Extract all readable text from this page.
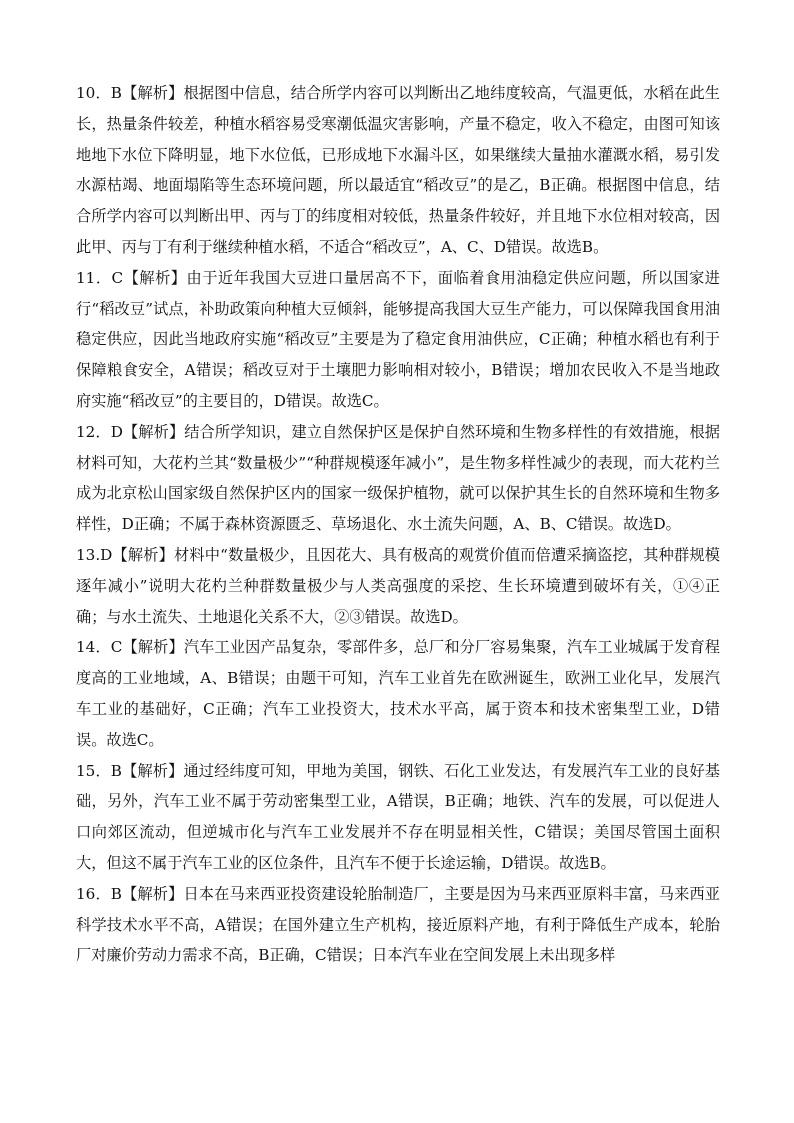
10．B【解析】根据图中信息，结合所学内容可以判断出乙地纬度较高，气温更低，水稻在此生长，热量条件较差，种植水稻容易受寒潮低温灾害影响，产量不稳定，收入不稳定，由图可知该地地下水位下降明显，地下水位低，已形成地下水漏斗区，如果继续大量抽水灌溉水稻，易引发水源枯竭、地面塌陷等生态环境问题，所以最适宜“稻改豆”的是乙，B正确。根据图中信息，结合所学内容可以判断出甲、丙与丁的纬度相对较低，热量条件较好，并且地下水位相对较高，因此甲、丙与丁有利于继续种植水稻，不适合“稻改豆”，A、C、D错误。故选B。

11．C【解析】由于近年我国大豆进口量居高不下，面临着食用油稳定供应问题，所以国家进行“稻改豆”试点，补助政策向种植大豆倾斜，能够提高我国大豆生产能力，可以保障我国食用油稳定供应，因此当地政府实施“稻改豆”主要是为了稳定食用油供应，C正确；种植水稻也有利于保障粮食安全，A错误；稻改豆对于土壤肥力影响相对较小，B错误；增加农民收入不是当地政府实施“稻改豆”的主要目的，D错误。故选C。

12．D【解析】结合所学知识，建立自然保护区是保护自然环境和生物多样性的有效措施，根据材料可知，大花杓兰其“数量极少”“种群规模逐年减小”，是生物多样性减少的表现，而大花杓兰成为北京松山国家级自然保护区内的国家一级保护植物，就可以保护其生长的自然环境和生物多样性，D正确；不属于森林资源匮乏、草场退化、水土流失问题，A、B、C错误。故选D。

13.D【解析】材料中“数量极少，且因花大、具有极高的观赏价值而倍遭采摘盗挖，其种群规模逐年减小”说明大花杓兰种群数量极少与人类高强度的采挖、生长环境遭到破坏有关，①④正确；与水土流失、土地退化关系不大，②③错误。故选D。

14．C【解析】汽车工业因产品复杂，零部件多，总厂和分厂容易集聚，汽车工业城属于发育程度高的工业地域，A、B错误；由题干可知，汽车工业首先在欧洲诞生，欧洲工业化早，发展汽车工业的基础好，C正确；汽车工业投资大，技术水平高，属于资本和技术密集型工业，D错误。故选C。

15．B【解析】通过经纬度可知，甲地为美国，钢铁、石化工业发达，有发展汽车工业的良好基础，另外，汽车工业不属于劳动密集型工业，A错误，B正确；地铁、汽车的发展，可以促进人口向郊区流动，但逆城市化与汽车工业发展并不存在明显相关性，C错误；美国尽管国土面积大，但这不属于汽车工业的区位条件，且汽车不便于长途运输，D错误。故选B。

16．B【解析】日本在马来西亚投资建设轮胎制造厂，主要是因为马来西亚原料丰富，马来西亚科学技术水平不高，A错误；在国外建立生产机构，接近原料产地，有利于降低生产成本，轮胎厂对廉价劳动力需求不高，B正确，C错误；日本汽车业在空间发展上未出现多样
